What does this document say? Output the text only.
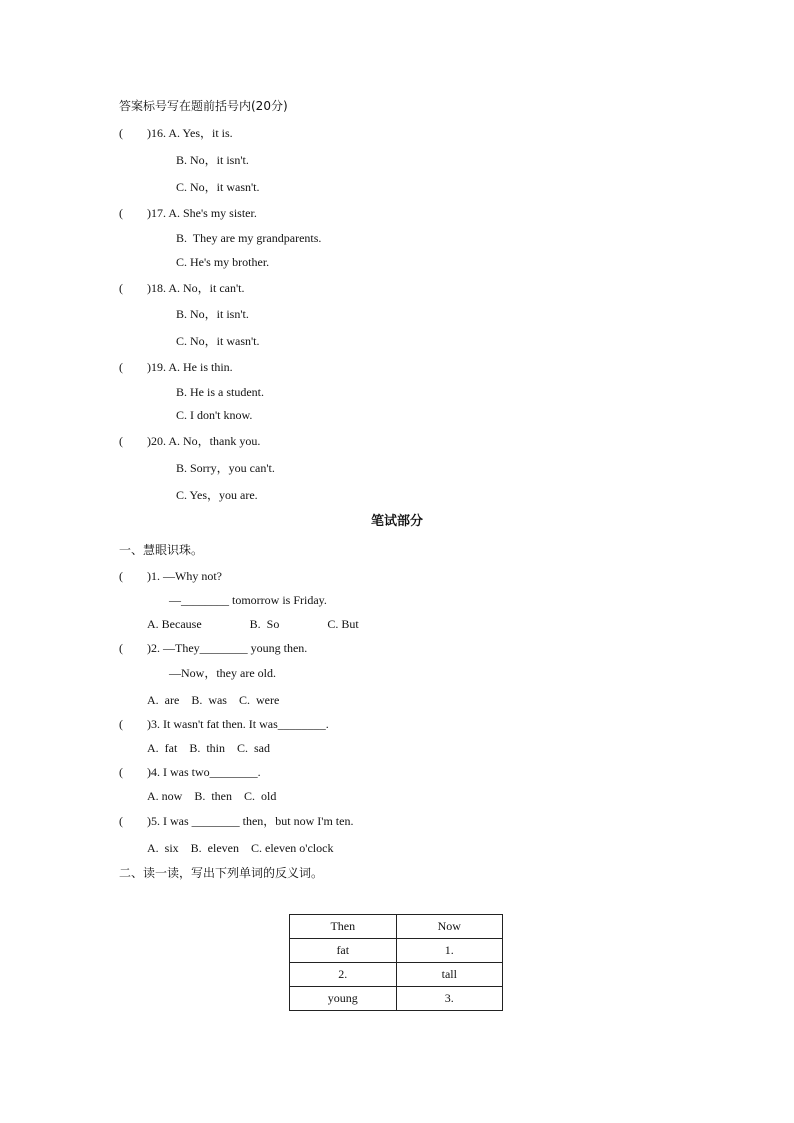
答案标号写在题前括号内(20分)
(        )16. A. Yes，it is.
B. No，it isn't.
C. No，it wasn't.
(        )17. A. She's my sister.
B.  They are my grandparents.
C. He's my brother.
(        )18. A. No，it can't.
B. No，it isn't.
C. No，it wasn't.
(        )19. A. He is thin.
B. He is a student.
C. I don't know.
(        )20. A. No，thank you.
B. Sorry，you can't.
C. Yes，you are.
笔试部分
一、慧眼识珠。
(        )1. —Why not?
—________ tomorrow is Friday.
A. Because                B.  So                C. But
(        )2. —They________ young then.
—Now，they are old.
A.  are    B.  was    C.  were
(        )3. It wasn't fat then. It was________.
A.  fat    B.  thin    C.  sad
(        )4. I was two________.
A. now    B.  then    C.  old
(        )5. I was ________ then，but now I'm ten.
A.  six    B.  eleven    C. eleven o'clock
二、读一读，写出下列单词的反义词。
Then	Now
fat	1.
2.	tall
young	3.
